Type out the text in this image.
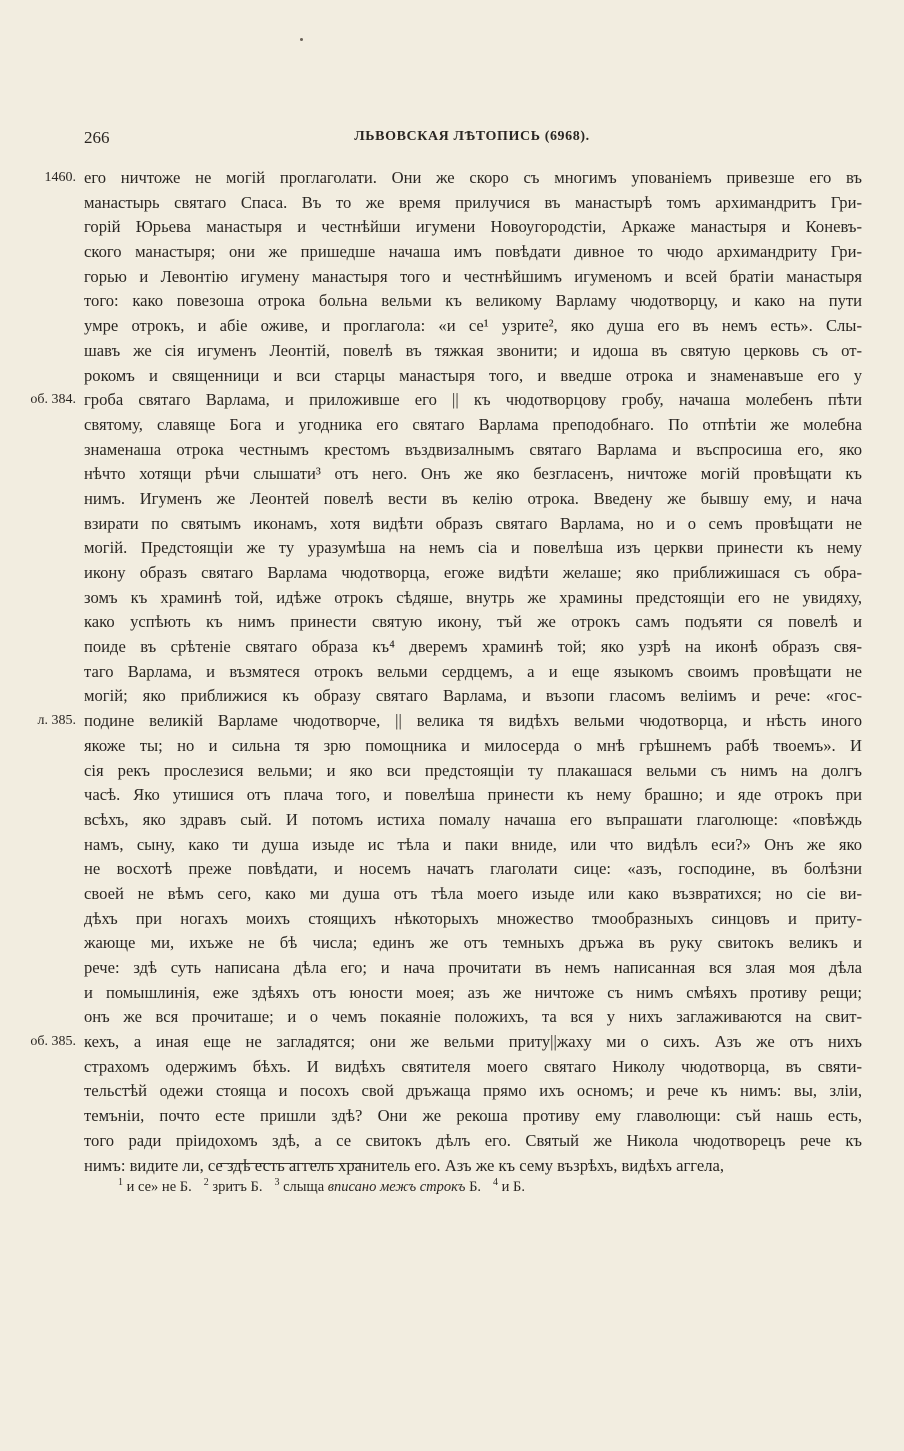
266	ЛЬВОВСКАЯ ЛѢТОПИСЬ (6968).
его ничтоже не могій проглаголати. Они же скоро съ многимъ упованіемъ привезше его въ
1460.
манастырь святаго Спаса. Въ то же время прилучися въ манастырѣ томъ архимандритъ Гри-
горій Юрьева манастыря и честнѣйши игумени Новоугородстіи, Аркаже манастыря и Коневъ-
ского манастыря; они же пришедше начаша имъ повѣдати дивное то чюдо архимандриту Гри-
горью и Левонтію игумену манастыря того и честнѣйшимъ игуменомъ и всей братіи манастыря
того: како повезоша отрока больна вельми къ великому Варламу чюдотворцу, и како на пути
умре отрокъ, и абіе оживе, и проглагола: «и се¹ узрите², яко душа его въ немъ есть». Слы-
шавъ же сія игуменъ Леонтій, повелѣ въ тяжкая звонити; и идоша въ святую церковь съ от-
рокомъ и священници и вси старцы манастыря того, и введше отрока и знаменавъше его у
гроба святаго Варлама, и приложивше его || къ чюдотворцову гробу, начаша молебенъ пѣти
об. 384.
святому, славяще Бога и угодника его святаго Варлама преподобнаго. По отпѣтіи же молебна
знаменаша отрока честнымъ крестомъ въздвизалнымъ святаго Варлама и въспросиша его, яко
нѣчто хотящи рѣчи слышати³ отъ него. Онъ же яко безгласенъ, ничтоже могій провѣщати къ
нимъ. Игуменъ же Леонтей повелѣ вести въ келію отрока. Введену же бывшу ему, и нача
взирати по святымъ иконамъ, хотя видѣти образъ святаго Варлама, но и о семъ провѣщати не
могій. Предстоящіи же ту уразумѣша на немъ сіа и повелѣша изъ церкви принести къ нему
икону образъ святаго Варлама чюдотворца, егоже видѣти желаше; яко приближишася съ обра-
зомъ къ храминѣ той, идѣже отрокъ сѣдяше, внутрь же храмины предстоящіи его не увидяху,
како успѣють къ нимъ принести святую икону, тъй же отрокъ самъ подъяти ся повелѣ и
поиде въ срѣтеніе святаго образа къ⁴ дверемъ храминѣ той; яко узрѣ на иконѣ образъ свя-
таго Варлама, и възмятеся отрокъ вельми сердцемъ, а и еще языкомъ своимъ провѣщати не
могій; яко приближися къ образу святаго Варлама, и възопи гласомъ веліимъ и рече: «гос-
подине великій Варламе чюдотворче, || велика тя видѣхъ вельми чюдотворца, и нѣсть иного
л. 385.
якоже ты; но и сильна тя зрю помощника и милосерда о мнѣ грѣшнемъ рабѣ твоемъ». И
сія рекъ прослезися вельми; и яко вси предстоящіи ту плакашася вельми съ нимъ на долгъ
часѣ. Яко утишися отъ плача того, и повелѣша принести къ нему брашно; и яде отрокъ при
всѣхъ, яко здравъ сый. И потомъ истиха помалу начаша его въпрашати глаголюще: «повѣждь
намъ, сыну, како ти душа изыде ис тѣла и паки вниде, или что видѣлъ еси?» Онъ же яко
не восхотѣ преже повѣдати, и носемъ начатъ глаголати сице: «азъ, господине, въ болѣзни
своей не вѣмъ сего, како ми душа отъ тѣла моего изыде или како възвратихся; но сіе ви-
дѣхъ при ногахъ моихъ стоящихъ нѣкоторыхъ множество тмообразныхъ синцовъ и приту-
жающе ми, ихъже не бѣ числа; единъ же отъ темныхъ дръжа въ руку свитокъ великъ и
рече: здѣ суть написана дѣла его; и нача прочитати въ немъ написанная вся злая моя дѣла
и помышлинія, еже здѣяхъ отъ юности моея; азъ же ничтоже съ нимъ смѣяхъ противу рещи;
онъ же вся прочиташе; и о чемъ покаяніе положихъ, та вся у нихъ заглаживаются на свит-
кехъ, а иная еще не загладятся; они же вельми приту||жаху ми о сихъ. Азъ же отъ нихъ
об. 385.
страхомъ одержимъ бѣхъ. И видѣхъ святителя моего святаго Николу чюдотворца, въ святи-
тельстѣй одежи стояща и посохъ свой дръжаща прямо ихъ осномъ; и рече къ нимъ: вы, зліи,
темъніи, почто есте пришли здѣ? Они же рекоша противу ему главолющи: съй нашь есть,
того ради пріидохомъ здѣ, а се свитокъ дѣлъ его. Святый же Никола чюдотворецъ рече къ
нимъ: видите ли, се здѣ есть аггелъ хранитель его. Азъ же къ сему възрѣхъ, видѣхъ аггела,
$^1$ и се» не Б. $^2$ зритъ Б. $^3$ слыща вписано межъ строкъ Б. $^4$ и Б.
